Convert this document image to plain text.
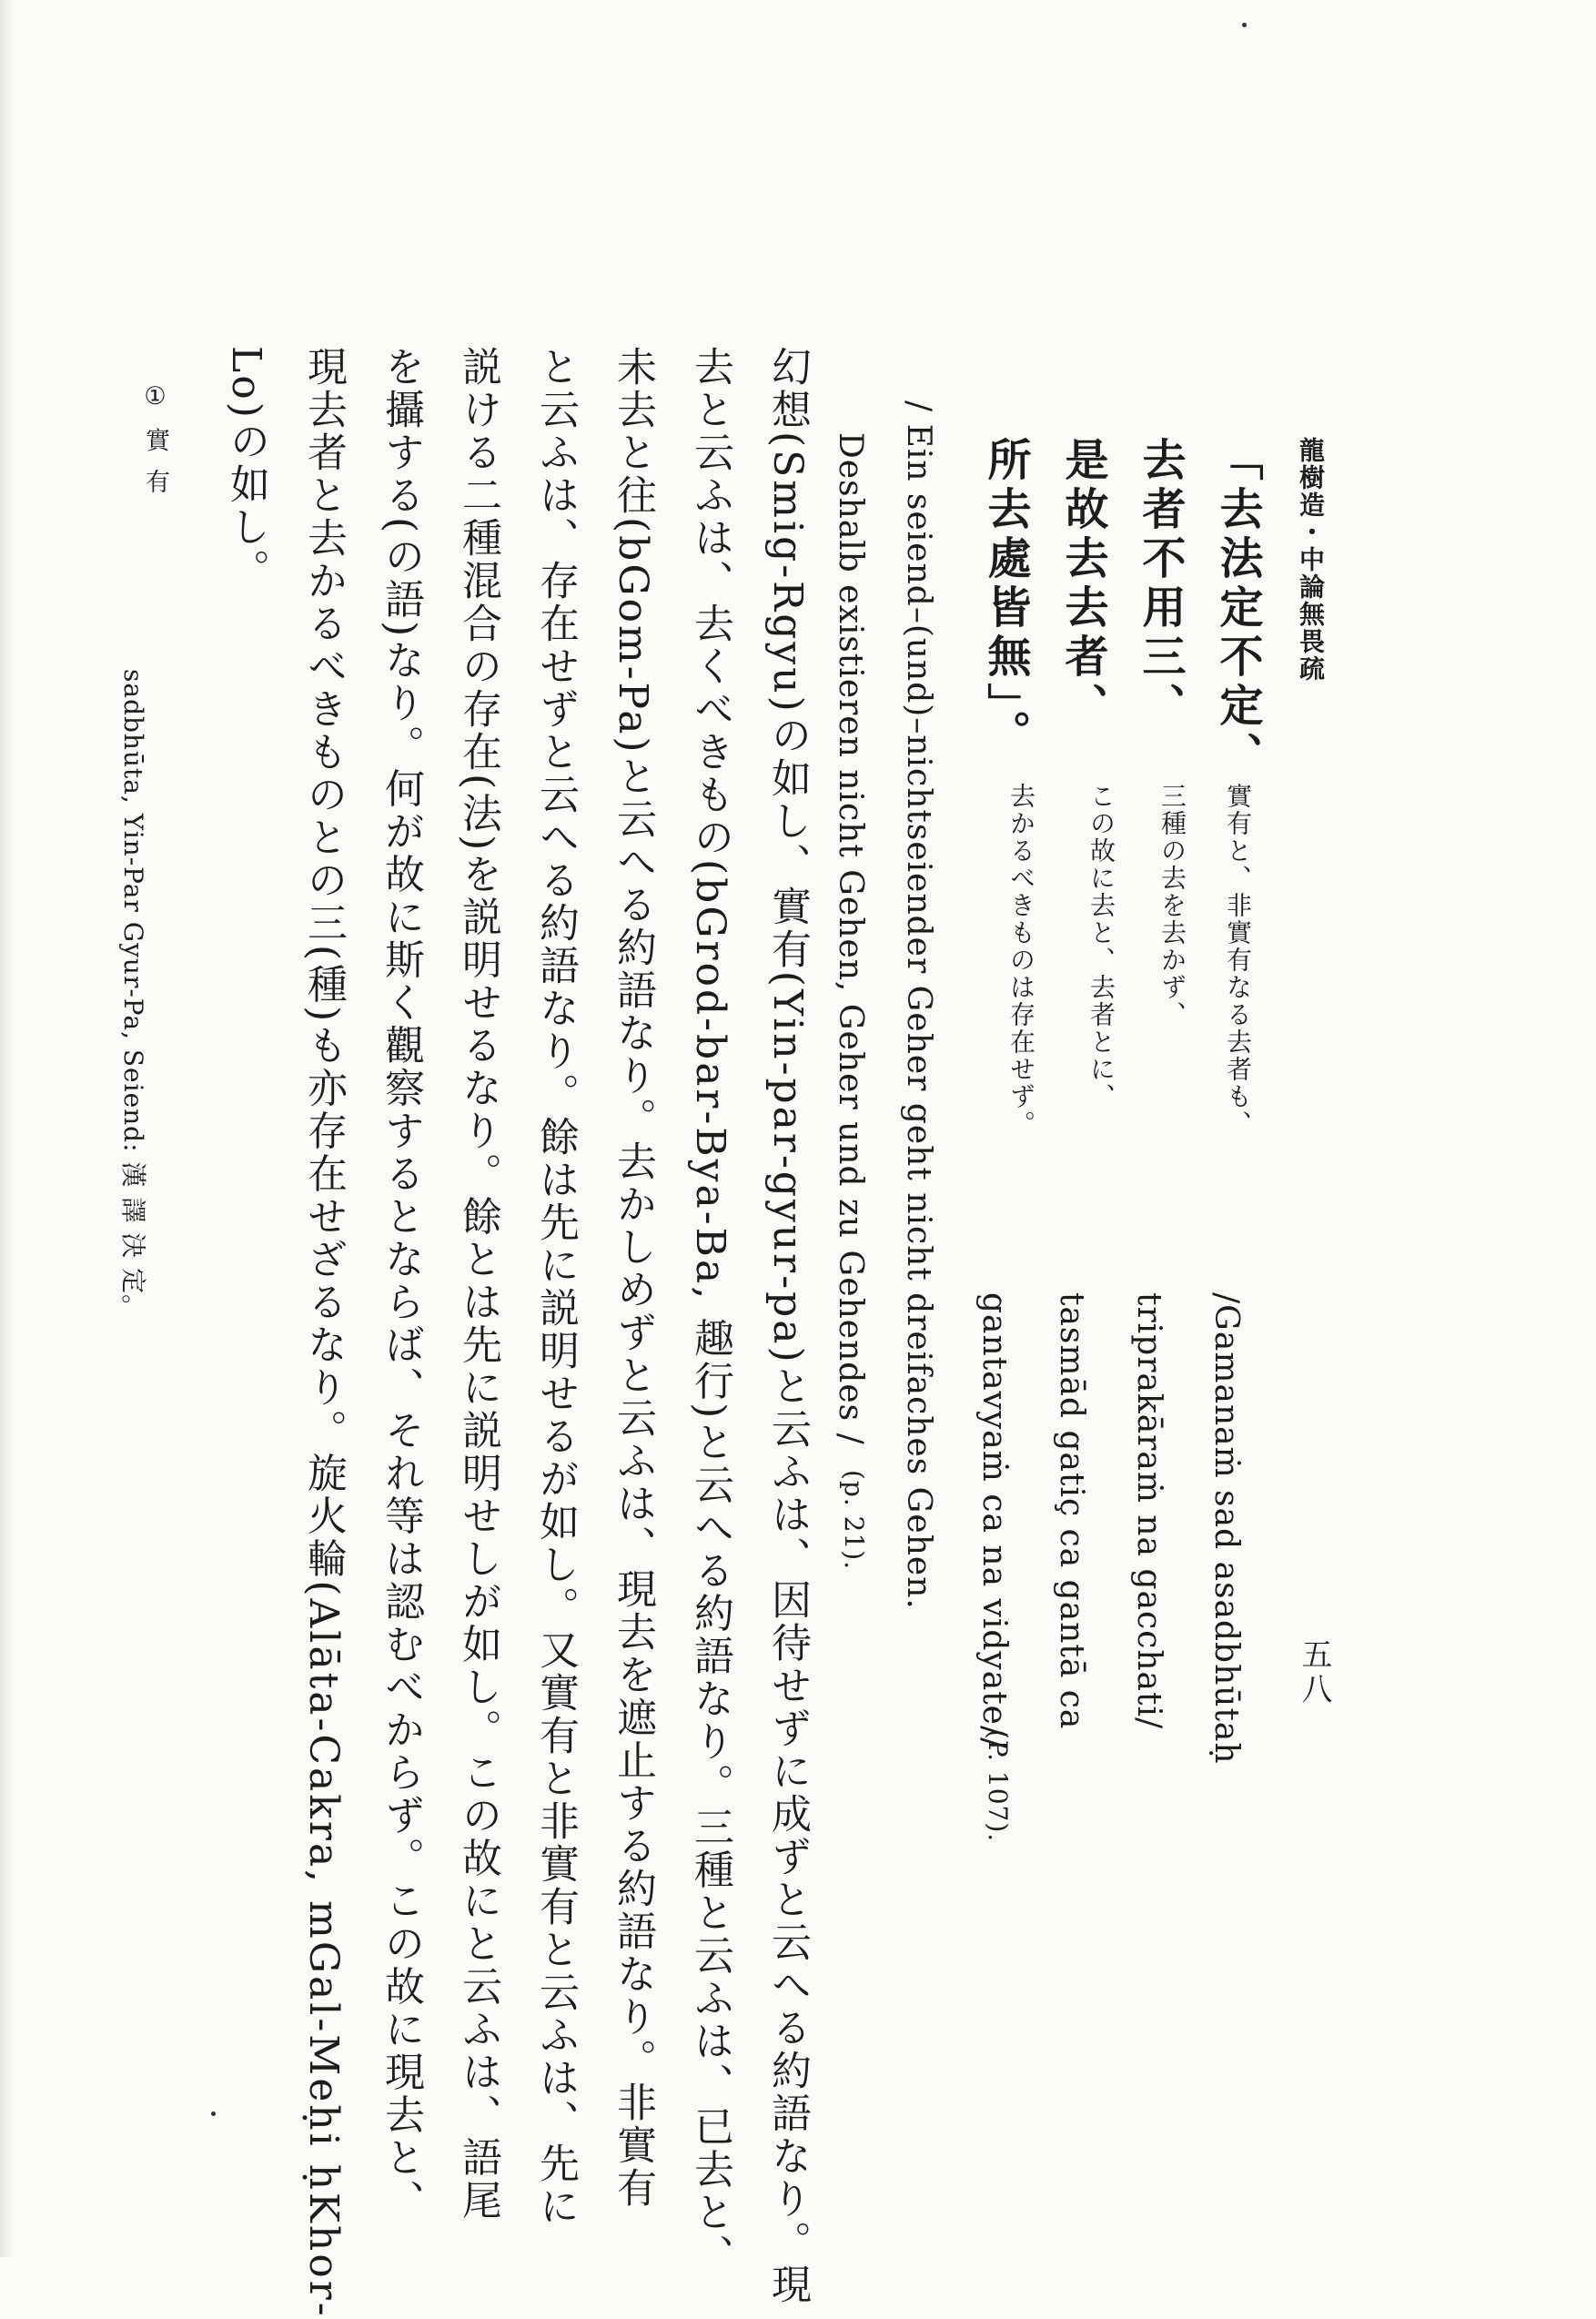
龍樹造・中論無畏疏
五八
「去法定不定、
實有と、非實有なる去者も、
/Gamanaṁ sad asadbhūtaḥ
去者不用三、
三種の去を去かず、
triprakāraṁ na gacchati/
是故去去者、
この故に去と、去者とに、
tasmād gatiç ca gantā ca
所去處皆無」。
去かるべきものは存在せず。
gantavyaṁ ca na vidyate//
(P. 107).
/ Ein seiend–(und)–nichtseiender Geher geht nicht dreifaches Gehen.
Deshalb existieren nicht Gehen, Geher und zu Gehendes /
(p. 21).
幻想(Smig-Rgyu)の如し、實有(Yin-par-gyur-pa)と云ふは、因待せずに成ずと云へる約語なり。現
去と云ふは、去くべきもの(bGrod-bar-Bya-Ba, 趣行)と云へる約語なり。三種と云ふは、已去と、
未去と往(bGom-Pa)と云へる約語なり。去かしめずと云ふは、現去を遮止する約語なり。非實有
と云ふは、存在せずと云へる約語なり。餘は先に説明せるが如し。又實有と非實有と云ふは、先に
説ける二種混合の存在(法)を説明せるなり。餘とは先に説明せしが如し。この故にと云ふは、語尾
を攝する(の語)なり。何が故に斯く觀察するとならば、それ等は認むべからず。この故に現去と、
現去者と去かるべきものとの三(種)も亦存在せざるなり。旋火輪(Alāta-Cakra, mGal-Meḥi ḥKhor-
Lo)の如し。
① 實 有
sadbhūta, Yin-Par Gyur-Pa, Seiend: 漢 譯 決 定。
